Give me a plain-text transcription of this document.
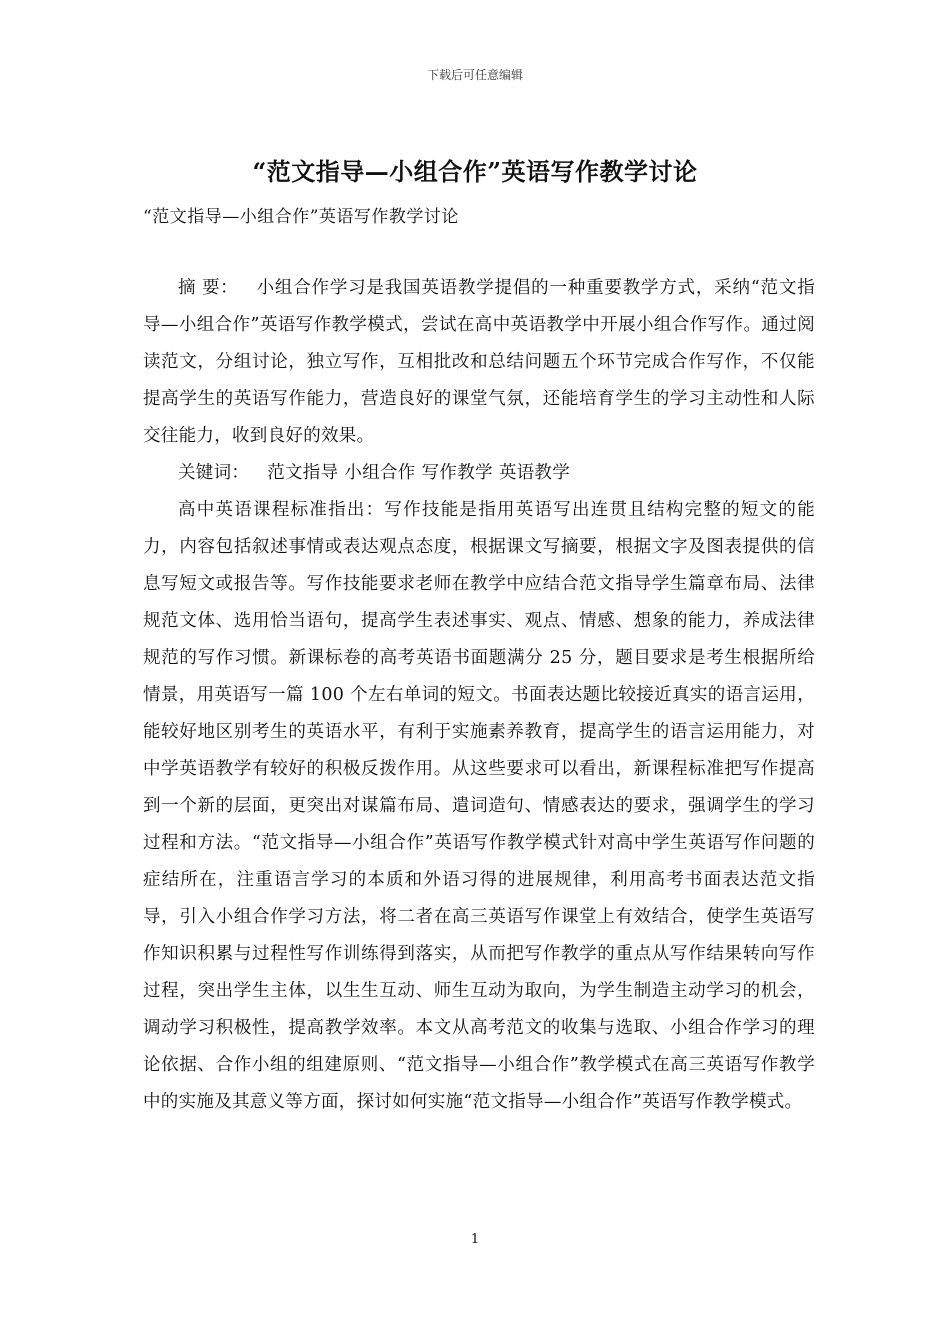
下载后可任意编辑
“范文指导—小组合作”英语写作教学讨论
“范文指导—小组合作”英语写作教学讨论

摘 要： 小组合作学习是我国英语教学提倡的一种重要教学方式，采纳“范文指导—小组合作”英语写作教学模式，尝试在高中英语教学中开展小组合作写作。通过阅读范文，分组讨论，独立写作，互相批改和总结问题五个环节完成合作写作，不仅能提高学生的英语写作能力，营造良好的课堂气氛，还能培育学生的学习主动性和人际交往能力，收到良好的效果。

关键词： 范文指导 小组合作 写作教学 英语教学

高中英语课程标准指出：写作技能是指用英语写出连贯且结构完整的短文的能力，内容包括叙述事情或表达观点态度，根据课文写摘要，根据文字及图表提供的信息写短文或报告等。写作技能要求老师在教学中应结合范文指导学生篇章布局、法律规范文体、选用恰当语句，提高学生表述事实、观点、情感、想象的能力，养成法律规范的写作习惯。新课标卷的高考英语书面题满分 25 分，题目要求是考生根据所给情景，用英语写一篇 100 个左右单词的短文。书面表达题比较接近真实的语言运用，能较好地区别考生的英语水平，有利于实施素养教育，提高学生的语言运用能力，对中学英语教学有较好的积极反拨作用。从这些要求可以看出，新课程标准把写作提高到一个新的层面，更突出对谋篇布局、遣词造句、情感表达的要求，强调学生的学习过程和方法。“范文指导—小组合作”英语写作教学模式针对高中学生英语写作问题的症结所在，注重语言学习的本质和外语习得的进展规律，利用高考书面表达范文指导，引入小组合作学习方法，将二者在高三英语写作课堂上有效结合，使学生英语写作知识积累与过程性写作训练得到落实，从而把写作教学的重点从写作结果转向写作过程，突出学生主体，以生生互动、师生互动为取向，为学生制造主动学习的机会，调动学习积极性，提高教学效率。本文从高考范文的收集与选取、小组合作学习的理论依据、合作小组的组建原则、“范文指导—小组合作”教学模式在高三英语写作教学中的实施及其意义等方面，探讨如何实施“范文指导—小组合作”英语写作教学模式。

1
